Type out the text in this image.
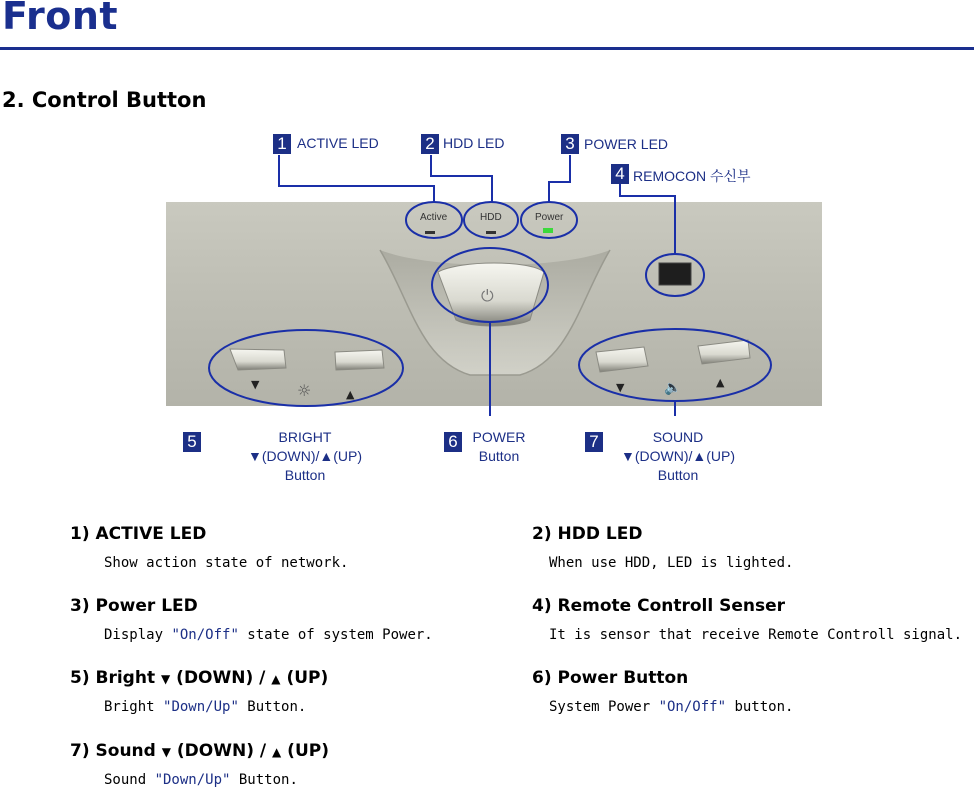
Front
2. Control Button
Active	HDD	Power
⏻
▼ ☼	▲
▼	🔈	▲
1 ACTIVE LED	2 HDD LED	3 POWER LED
4 REMOCON 수신부
5	BRIGHT
▼(DOWN)/▲(UP)
Button
6	POWER
Button
7	SOUND
▼(DOWN)/▲(UP)
Button
1) ACTIVE LED
Show action state of network.
2) HDD LED
When use HDD, LED is lighted.
3) Power LED
Display "On/Off" state of system Power.
4) Remote Controll Senser
It is sensor that receive Remote Controll signal.
5) Bright ▼ (DOWN) / ▲ (UP)
Bright "Down/Up" Button.
6) Power Button
System Power "On/Off" button.
7) Sound ▼ (DOWN) / ▲ (UP)
Sound "Down/Up" Button.
